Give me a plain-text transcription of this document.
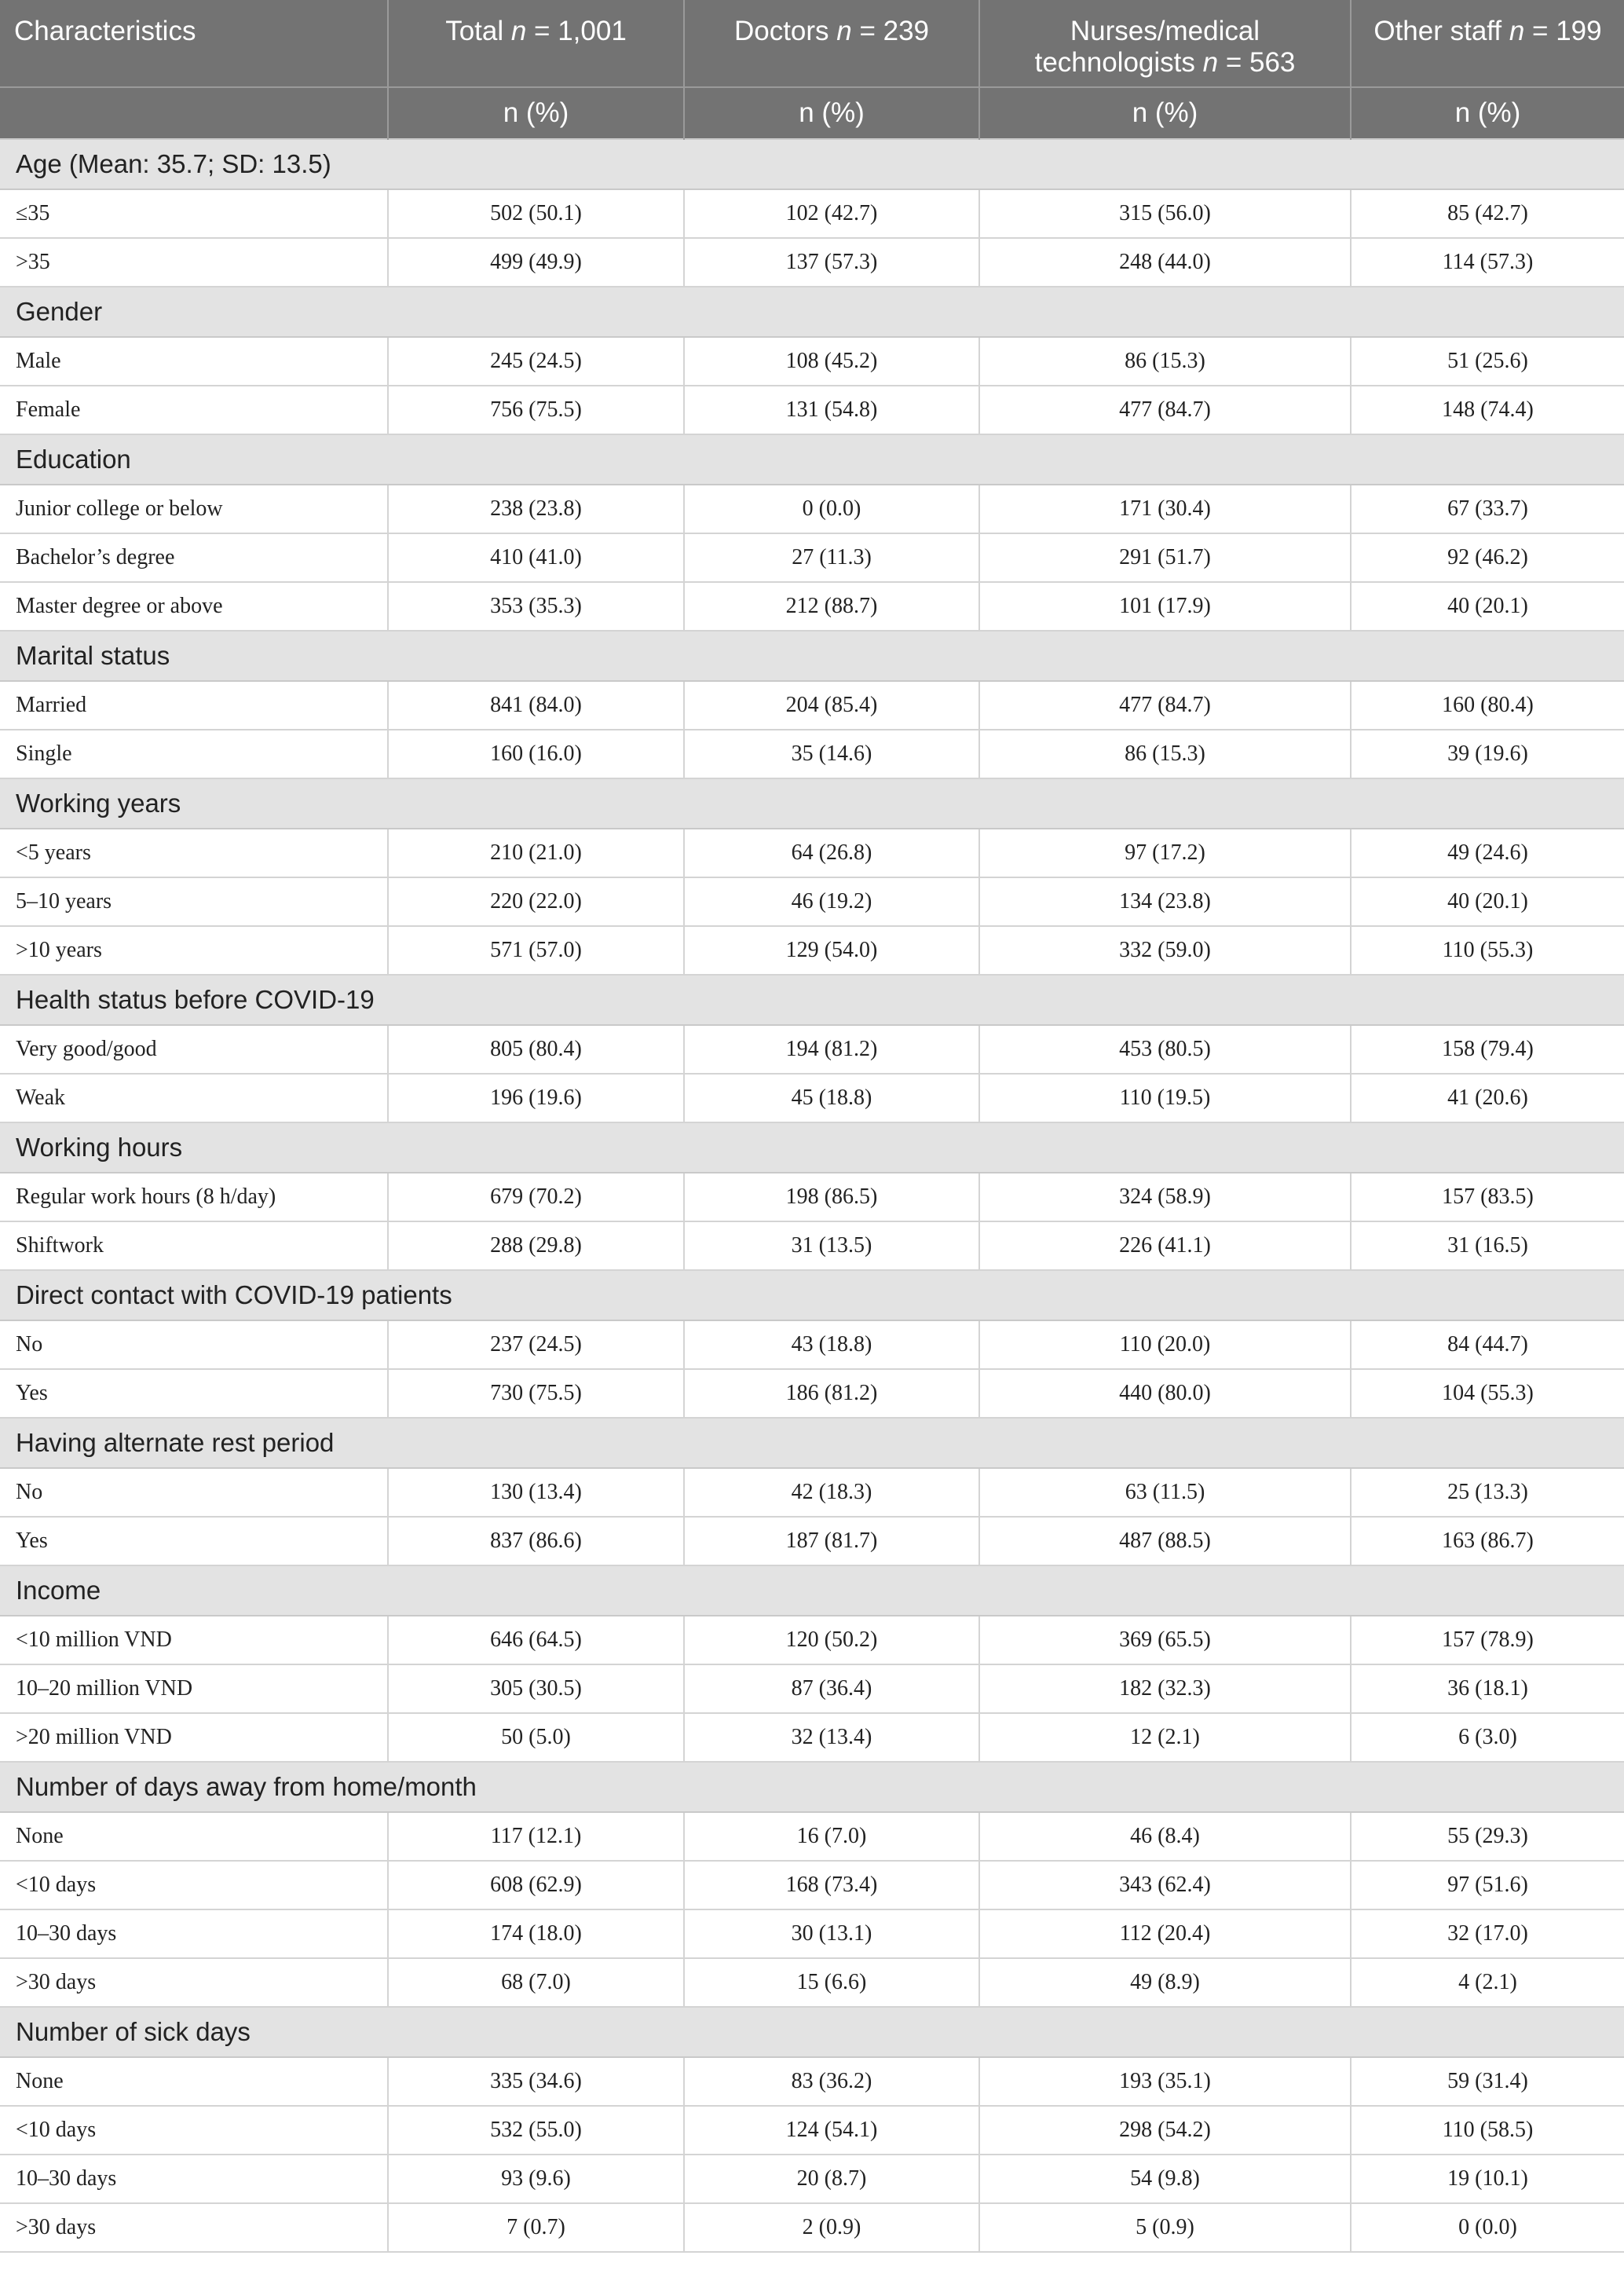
Characteristics	Total n = 1,001	Doctors n = 239	Nurses/medical technologists n = 563	Other staff n = 199
	n (%)	n (%)	n (%)	n (%)
Age (Mean: 35.7; SD: 13.5)				
≤35	502 (50.1)	102 (42.7)	315 (56.0)	85 (42.7)
>35	499 (49.9)	137 (57.3)	248 (44.0)	114 (57.3)
Gender				
Male	245 (24.5)	108 (45.2)	86 (15.3)	51 (25.6)
Female	756 (75.5)	131 (54.8)	477 (84.7)	148 (74.4)
Education				
Junior college or below	238 (23.8)	0 (0.0)	171 (30.4)	67 (33.7)
Bachelor’s degree	410 (41.0)	27 (11.3)	291 (51.7)	92 (46.2)
Master degree or above	353 (35.3)	212 (88.7)	101 (17.9)	40 (20.1)
Marital status				
Married	841 (84.0)	204 (85.4)	477 (84.7)	160 (80.4)
Single	160 (16.0)	35 (14.6)	86 (15.3)	39 (19.6)
Working years				
<5 years	210 (21.0)	64 (26.8)	97 (17.2)	49 (24.6)
5–10 years	220 (22.0)	46 (19.2)	134 (23.8)	40 (20.1)
>10 years	571 (57.0)	129 (54.0)	332 (59.0)	110 (55.3)
Health status before COVID-19				
Very good/good	805 (80.4)	194 (81.2)	453 (80.5)	158 (79.4)
Weak	196 (19.6)	45 (18.8)	110 (19.5)	41 (20.6)
Working hours				
Regular work hours (8 h/day)	679 (70.2)	198 (86.5)	324 (58.9)	157 (83.5)
Shiftwork	288 (29.8)	31 (13.5)	226 (41.1)	31 (16.5)
Direct contact with COVID-19 patients				
No	237 (24.5)	43 (18.8)	110 (20.0)	84 (44.7)
Yes	730 (75.5)	186 (81.2)	440 (80.0)	104 (55.3)
Having alternate rest period				
No	130 (13.4)	42 (18.3)	63 (11.5)	25 (13.3)
Yes	837 (86.6)	187 (81.7)	487 (88.5)	163 (86.7)
Income				
<10 million VND	646 (64.5)	120 (50.2)	369 (65.5)	157 (78.9)
10–20 million VND	305 (30.5)	87 (36.4)	182 (32.3)	36 (18.1)
>20 million VND	50 (5.0)	32 (13.4)	12 (2.1)	6 (3.0)
Number of days away from home/month				
None	117 (12.1)	16 (7.0)	46 (8.4)	55 (29.3)
<10 days	608 (62.9)	168 (73.4)	343 (62.4)	97 (51.6)
10–30 days	174 (18.0)	30 (13.1)	112 (20.4)	32 (17.0)
>30 days	68 (7.0)	15 (6.6)	49 (8.9)	4 (2.1)
Number of sick days				
None	335 (34.6)	83 (36.2)	193 (35.1)	59 (31.4)
<10 days	532 (55.0)	124 (54.1)	298 (54.2)	110 (58.5)
10–30 days	93 (9.6)	20 (8.7)	54 (9.8)	19 (10.1)
>30 days	7 (0.7)	2 (0.9)	5 (0.9)	0 (0.0)
